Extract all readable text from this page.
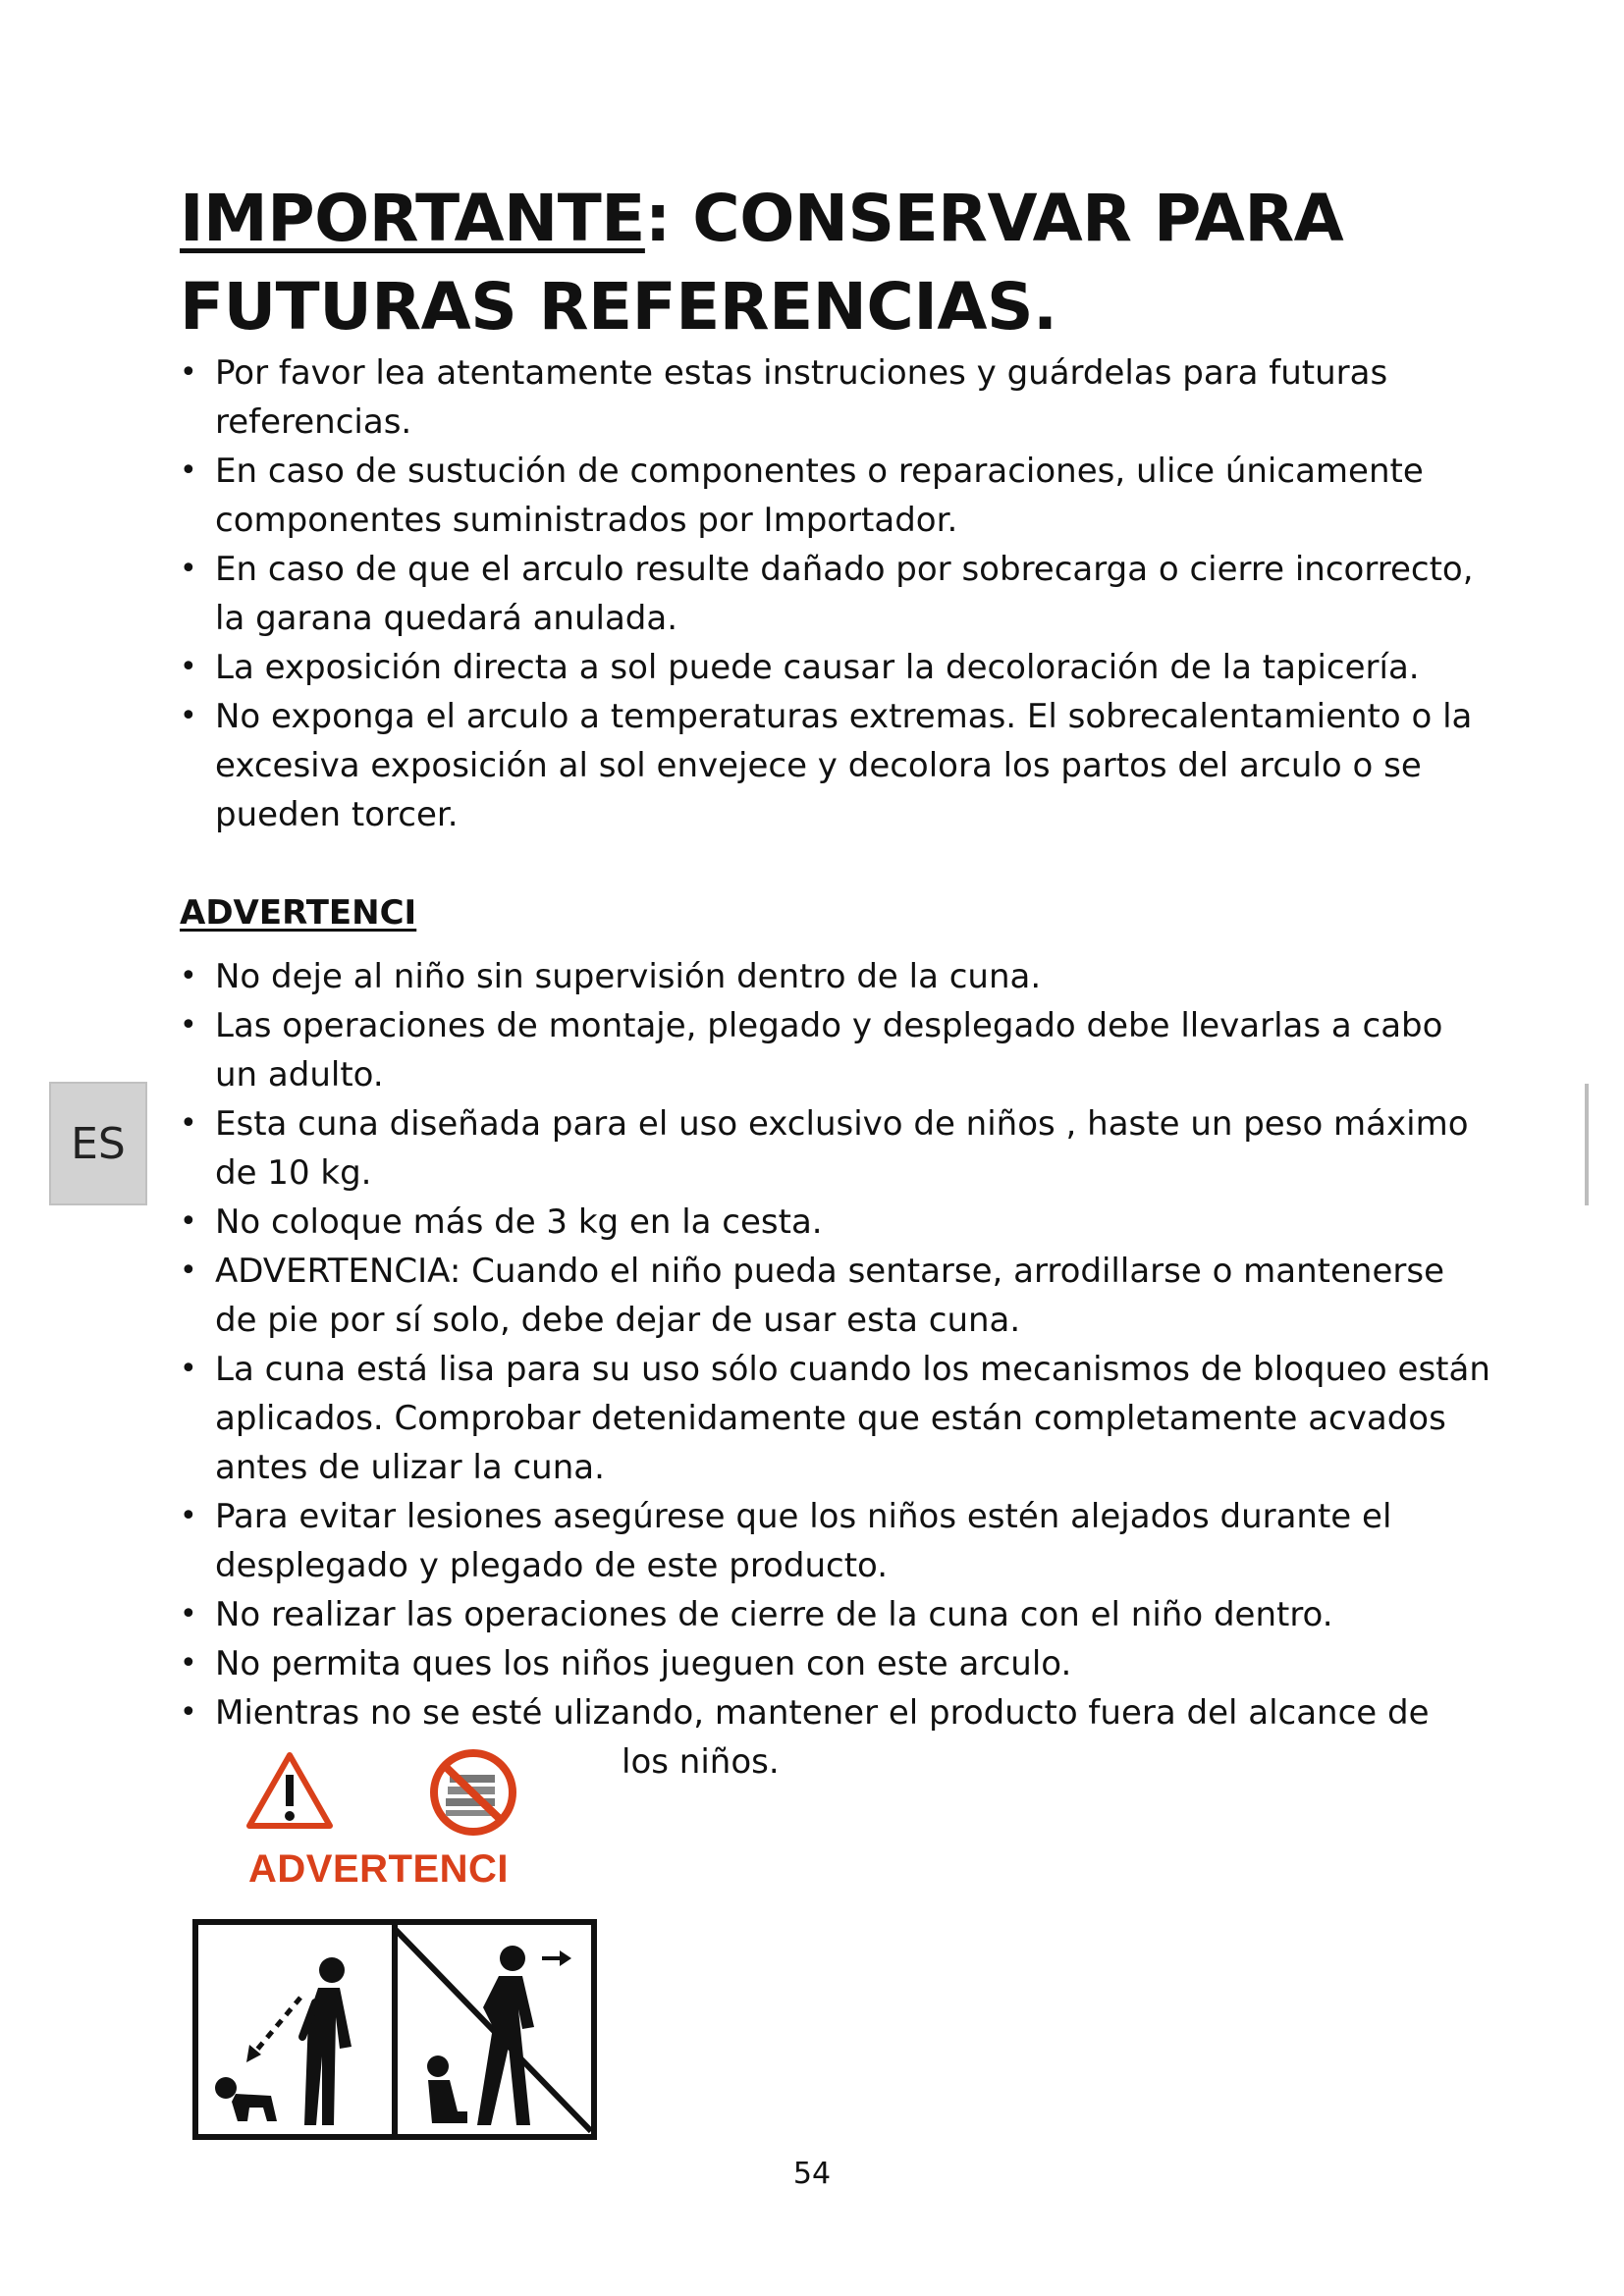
IMPORTANTE: CONSERVAR PARA
FUTURAS REFERENCIAS.
• Por favor lea atentamente estas instruciones y guárdelas para futuras referencias.
• En caso de sustución de componentes o reparaciones, ulice únicamente componentes suministrados por Importador.
• En caso de que el arculo resulte dañado por sobrecarga o cierre incorrecto, la garana quedará anulada.
• La exposición directa a sol puede causar la decoloración de la tapicería.
• No exponga el arculo a temperaturas extremas. El sobrecalentamiento o la excesiva exposición al sol envejece y decolora los partos del arculo o se pueden torcer.
ADVERTENCI
• No deje al niño sin supervisión dentro de la cuna.
• Las operaciones de montaje, plegado y desplegado debe llevarlas a cabo un adulto.
• Esta cuna diseñada para el uso exclusivo de niños , haste un peso máximo de 10 kg.
• No coloque más de 3 kg en la cesta.
• ADVERTENCIA: Cuando el niño pueda sentarse, arrodillarse o mantenerse de pie por sí solo, debe dejar de usar esta cuna.
• La cuna está lisa para su uso sólo cuando los mecanismos de bloqueo están aplicados. Comprobar detenidamente que están completamente acvados antes de ulizar la cuna.
• Para evitar lesiones asegúrese que los niños estén alejados durante el desplegado y plegado de este producto.
• No realizar las operaciones de cierre de la cuna con el niño dentro.
• No permita ques los niños jueguen con este arculo.
• Mientras no se esté ulizando, mantener el producto fuera del alcance de
los niños.
ES
ADVERTENCI
54
